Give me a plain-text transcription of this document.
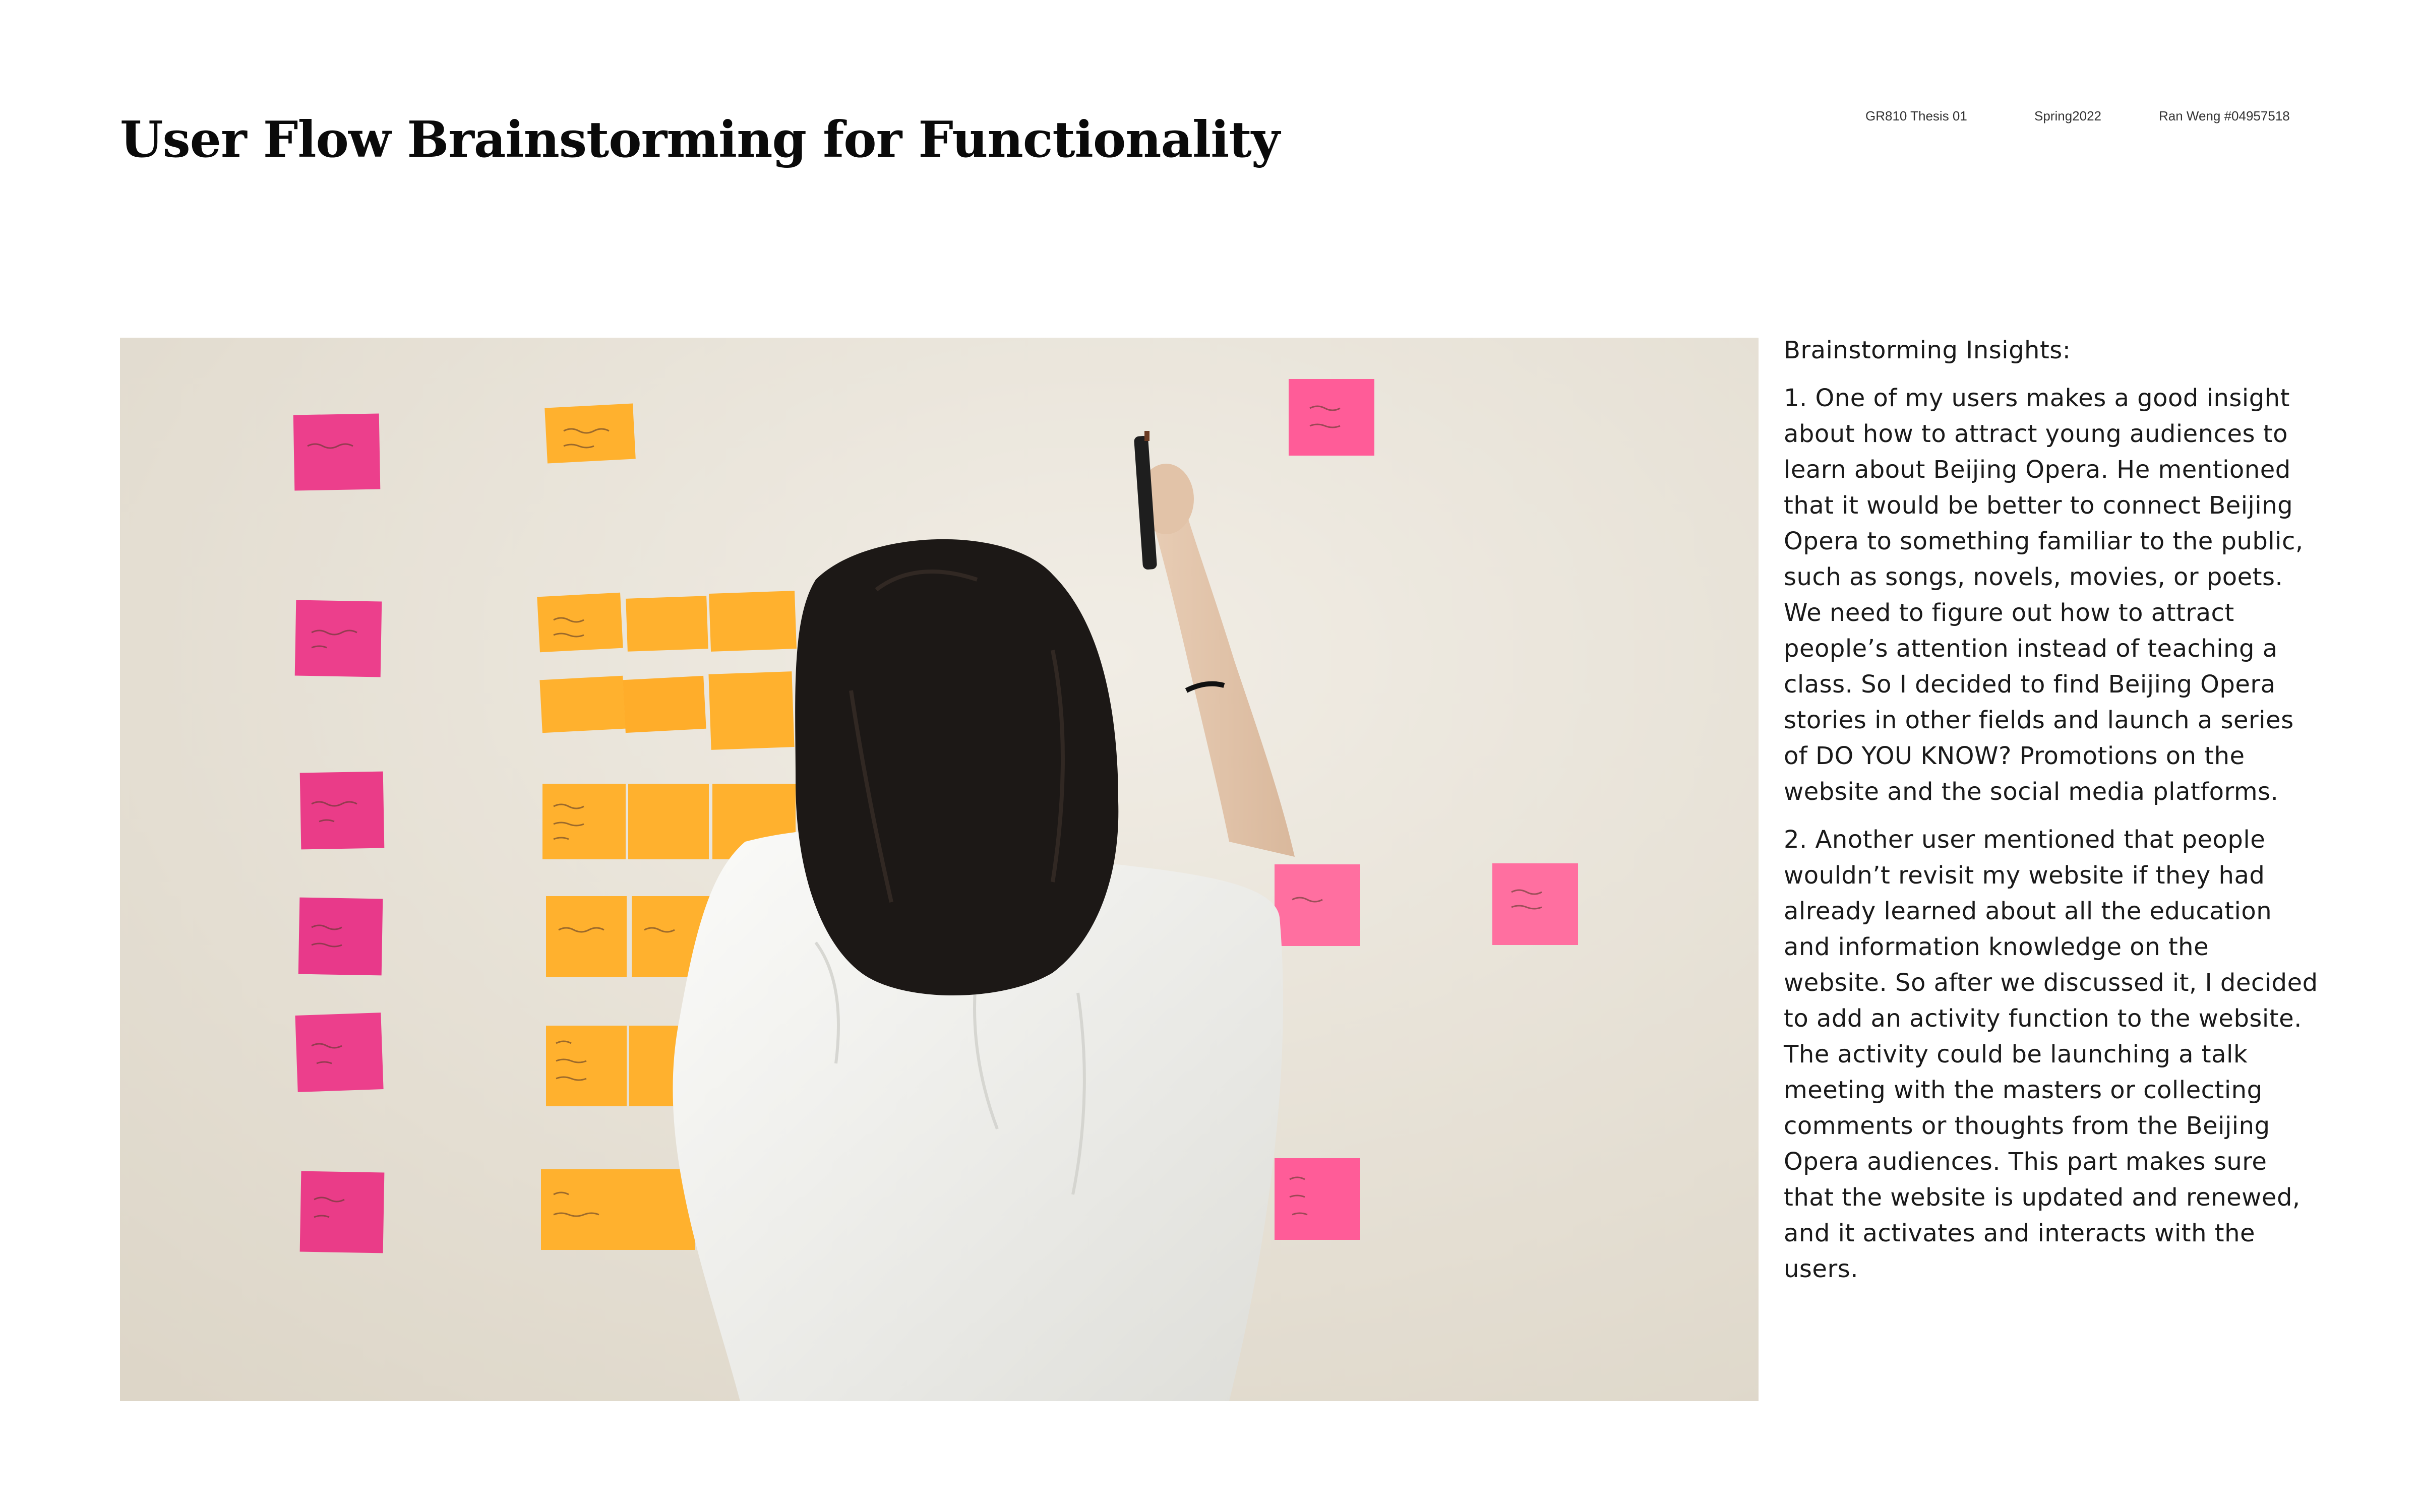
User Flow Brainstorming for Functionality	GR810 Thesis 01	Spring2022	Ran Weng #04957518

Brainstorming Insights:

1. One of my users makes a good insight about how to attract young audiences to learn about Beijing Opera. He mentioned that it would be better to connect Beijing Opera to something familiar to the public, such as songs, novels, movies, or poets. We need to figure out how to attract people’s attention instead of teaching a class. So I decided to find Beijing Opera stories in other fields and launch a series of DO YOU KNOW? Promotions on the website and the social media platforms.

2. Another user mentioned that people wouldn’t revisit my website if they had already learned about all the education and information knowledge on the website. So after we discussed it, I decided to add an activity function to the website. The activity could be launching a talk meeting with the masters or collecting comments or thoughts from the Beijing Opera audiences. This part makes sure that the website is updated and renewed, and it activates and interacts with the users.
